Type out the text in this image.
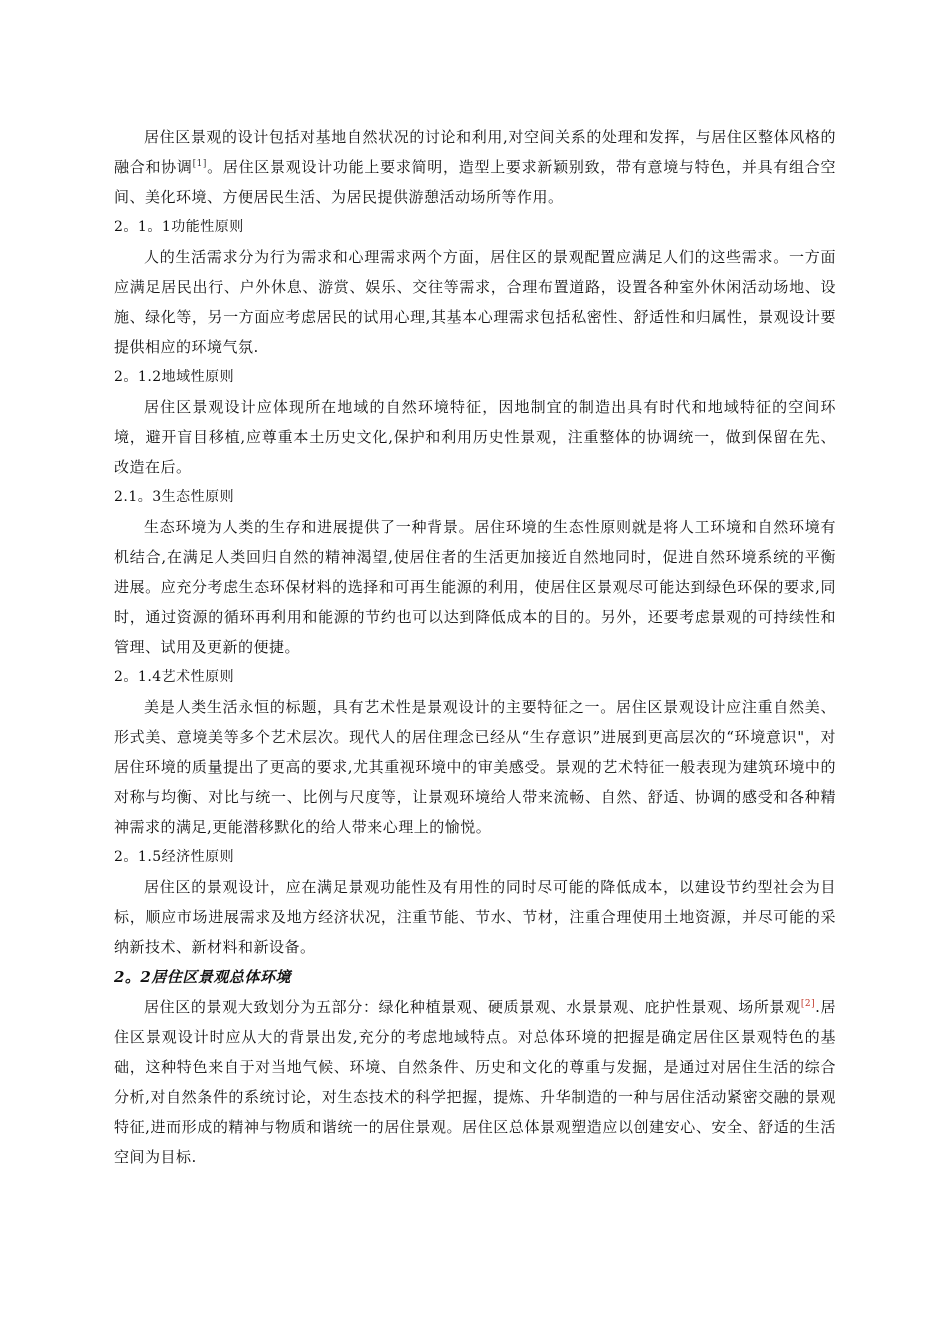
居住区景观的设计包括对基地自然状况的讨论和利用,对空间关系的处理和发挥，与居住区整体风格的融合和协调[1]。居住区景观设计功能上要求简明，造型上要求新颖别致，带有意境与特色，并具有组合空间、美化环境、方便居民生活、为居民提供游憩活动场所等作用。

2。1。1功能性原则

人的生活需求分为行为需求和心理需求两个方面，居住区的景观配置应满足人们的这些需求。一方面应满足居民出行、户外休息、游赏、娱乐、交往等需求，合理布置道路，设置各种室外休闲活动场地、设施、绿化等，另一方面应考虑居民的试用心理,其基本心理需求包括私密性、舒适性和归属性，景观设计要提供相应的环境气氛.

2。1.2地域性原则

居住区景观设计应体现所在地域的自然环境特征，因地制宜的制造出具有时代和地域特征的空间环境，避开盲目移植,应尊重本土历史文化,保护和利用历史性景观，注重整体的协调统一，做到保留在先、改造在后。

2.1。3生态性原则

生态环境为人类的生存和进展提供了一种背景。居住环境的生态性原则就是将人工环境和自然环境有机结合,在满足人类回归自然的精神渴望,使居住者的生活更加接近自然地同时，促进自然环境系统的平衡进展。应充分考虑生态环保材料的选择和可再生能源的利用，使居住区景观尽可能达到绿色环保的要求,同时，通过资源的循环再利用和能源的节约也可以达到降低成本的目的。另外，还要考虑景观的可持续性和管理、试用及更新的便捷。

2。1.4艺术性原则

美是人类生活永恒的标题，具有艺术性是景观设计的主要特征之一。居住区景观设计应注重自然美、形式美、意境美等多个艺术层次。现代人的居住理念已经从“生存意识”进展到更高层次的“环境意识"，对居住环境的质量提出了更高的要求,尤其重视环境中的审美感受。景观的艺术特征一般表现为建筑环境中的对称与均衡、对比与统一、比例与尺度等，让景观环境给人带来流畅、自然、舒适、协调的感受和各种精神需求的满足,更能潜移默化的给人带来心理上的愉悦。

2。1.5经济性原则

居住区的景观设计，应在满足景观功能性及有用性的同时尽可能的降低成本，以建设节约型社会为目标，顺应市场进展需求及地方经济状况，注重节能、节水、节材，注重合理使用土地资源，并尽可能的采纳新技术、新材料和新设备。

2。2居住区景观总体环境

居住区的景观大致划分为五部分：绿化种植景观、硬质景观、水景景观、庇护性景观、场所景观[2].居住区景观设计时应从大的背景出发,充分的考虑地域特点。对总体环境的把握是确定居住区景观特色的基础，这种特色来自于对当地气候、环境、自然条件、历史和文化的尊重与发掘，是通过对居住生活的综合分析,对自然条件的系统讨论，对生态技术的科学把握，提炼、升华制造的一种与居住活动紧密交融的景观特征,进而形成的精神与物质和谐统一的居住景观。居住区总体景观塑造应以创建安心、安全、舒适的生活空间为目标.
